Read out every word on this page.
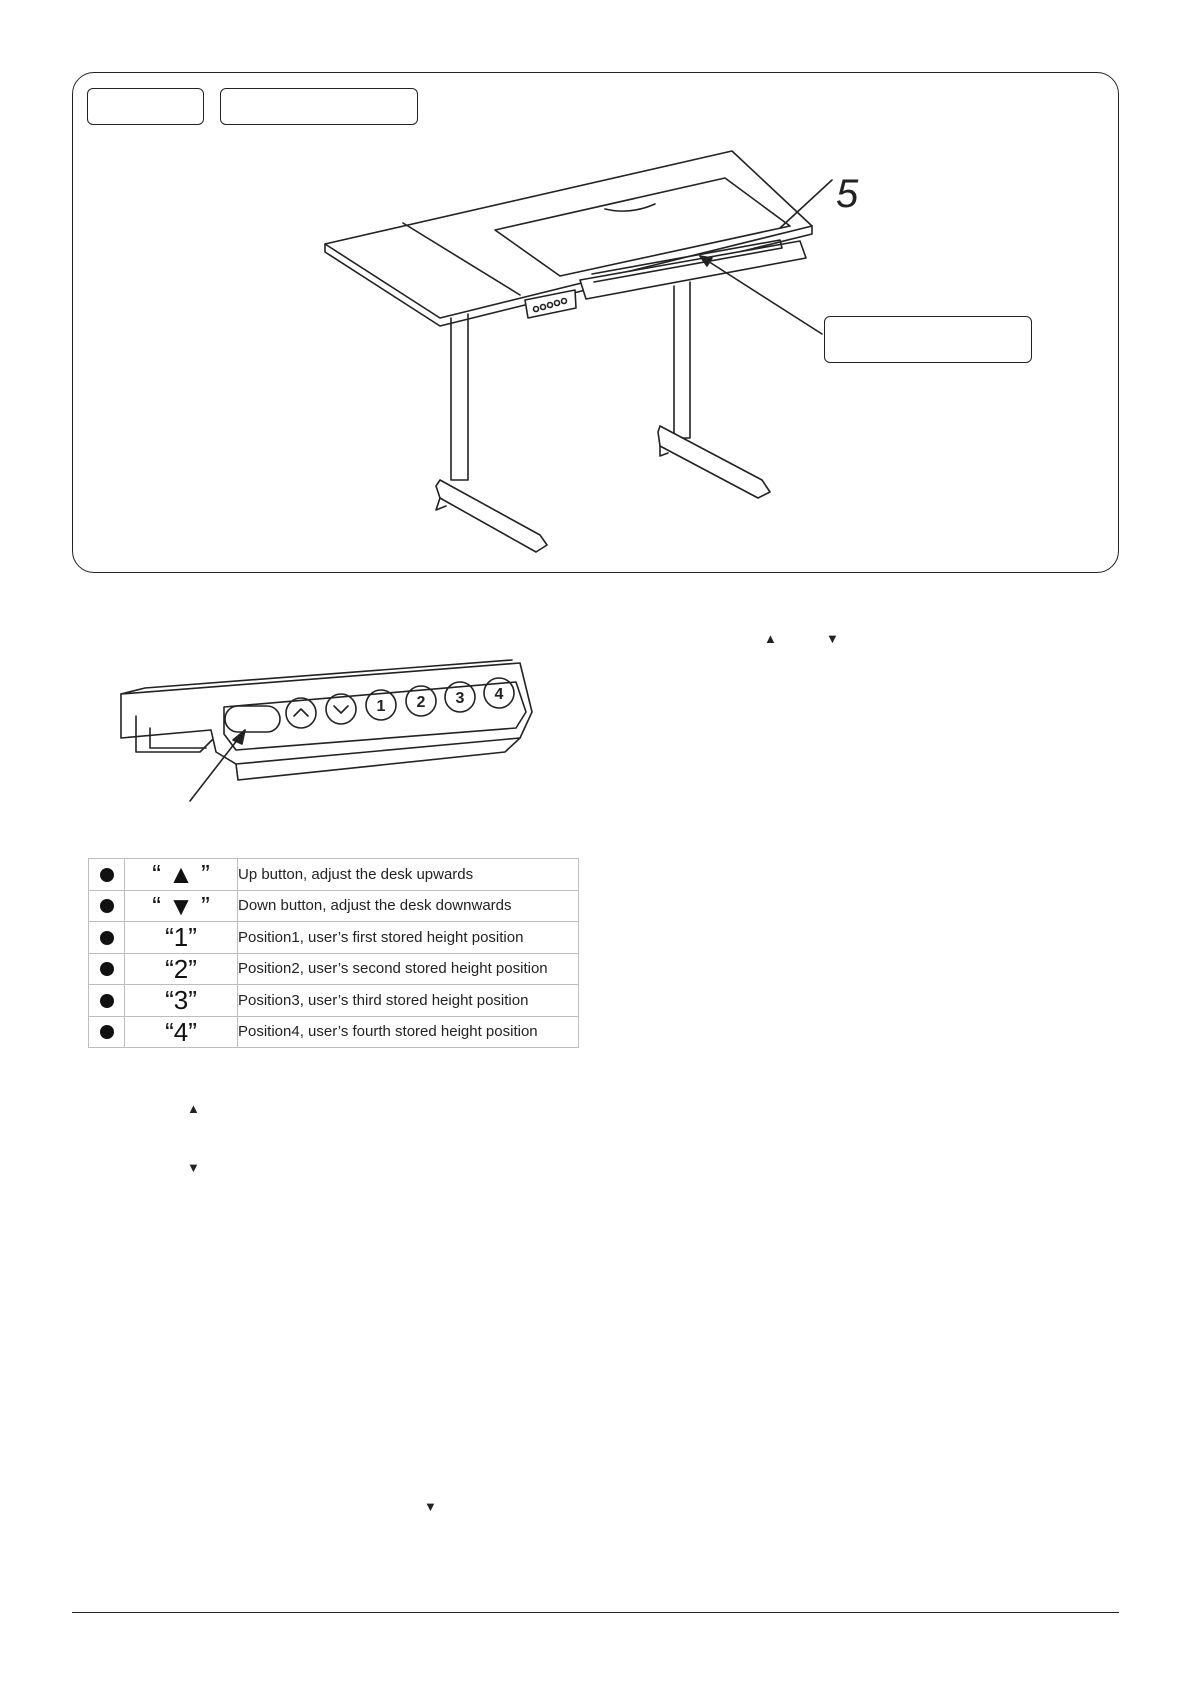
5
1 2 3 4
▲	▼
	“ ▲ ”	Up button, adjust the desk upwards
	“ ▼ ”	Down button, adjust the desk downwards
	“1”	Position1, user’s first stored height position
	“2”	Position2, user’s second stored height position
	“3”	Position3, user’s third stored height position
	“4”	Position4, user’s fourth stored height position
▲
▼
▼
